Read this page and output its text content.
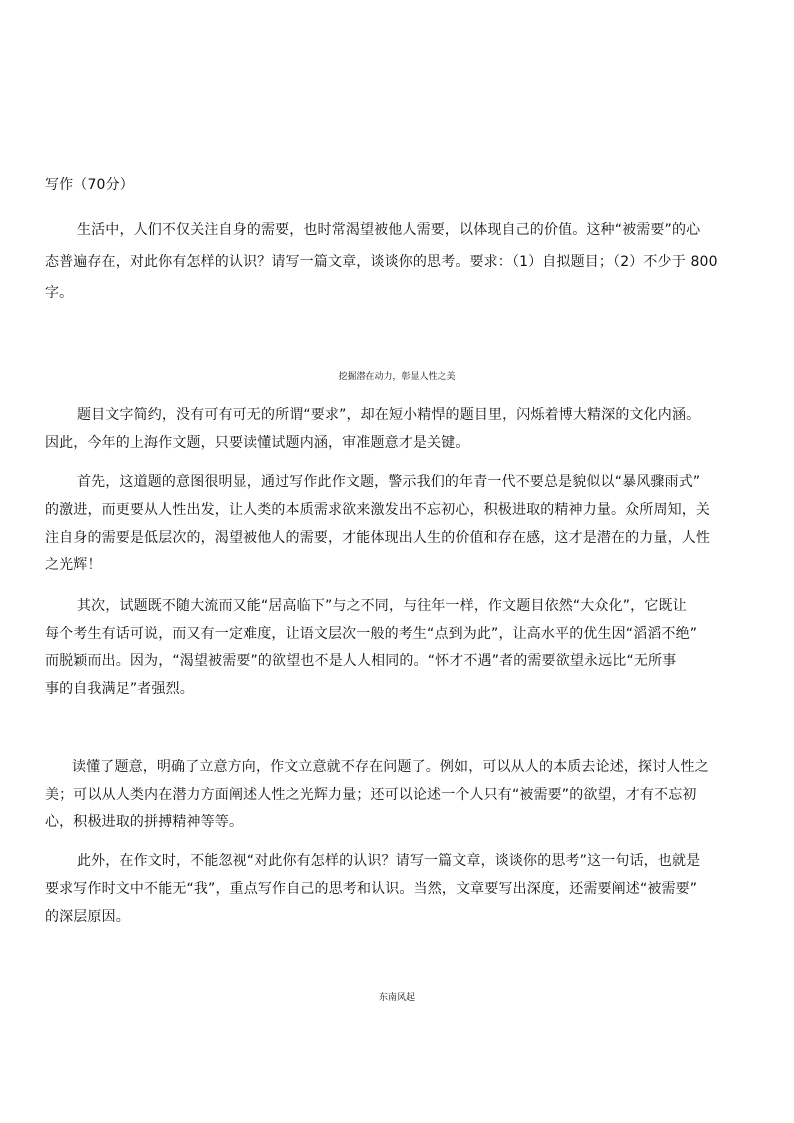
写作（70分）
生活中，人们不仅关注自身的需要，也时常渴望被他人需要，以体现自己的价值。这种“被需要”的心
态普遍存在，对此你有怎样的认识？请写一篇文章，谈谈你的思考。要求：（1）自拟题目；（2）不少于 800
字。
挖掘潜在动力，彰显人性之美
题目文字简约，没有可有可无的所谓“要求”，却在短小精悍的题目里，闪烁着博大精深的文化内涵。
因此，今年的上海作文题，只要读懂试题内涵，审准题意才是关键。
首先，这道题的意图很明显，通过写作此作文题，警示我们的年青一代不要总是貌似以“暴风骤雨式”
的激进，而更要从人性出发，让人类的本质需求欲来激发出不忘初心，积极进取的精神力量。众所周知，关
注自身的需要是低层次的，渴望被他人的需要，才能体现出人生的价值和存在感，这才是潜在的力量，人性
之光辉！
其次，试题既不随大流而又能“居高临下”与之不同，与往年一样，作文题目依然“大众化”，它既让
每个考生有话可说，而又有一定难度，让语文层次一般的考生“点到为此”，让高水平的优生因“滔滔不绝”
而脱颖而出。因为，“渴望被需要”的欲望也不是人人相同的。“怀才不遇”者的需要欲望永远比“无所事
事的自我满足”者强烈。
读懂了题意，明确了立意方向，作文立意就不存在问题了。例如，可以从人的本质去论述，探讨人性之
美；可以从人类内在潜力方面阐述人性之光辉力量；还可以论述一个人只有“被需要”的欲望，才有不忘初
心，积极进取的拼搏精神等等。
此外，在作文时，不能忽视“对此你有怎样的认识？请写一篇文章，谈谈你的思考”这一句话，也就是
要求写作时文中不能无“我”，重点写作自己的思考和认识。当然，文章要写出深度，还需要阐述“被需要”
的深层原因。
东南风起
